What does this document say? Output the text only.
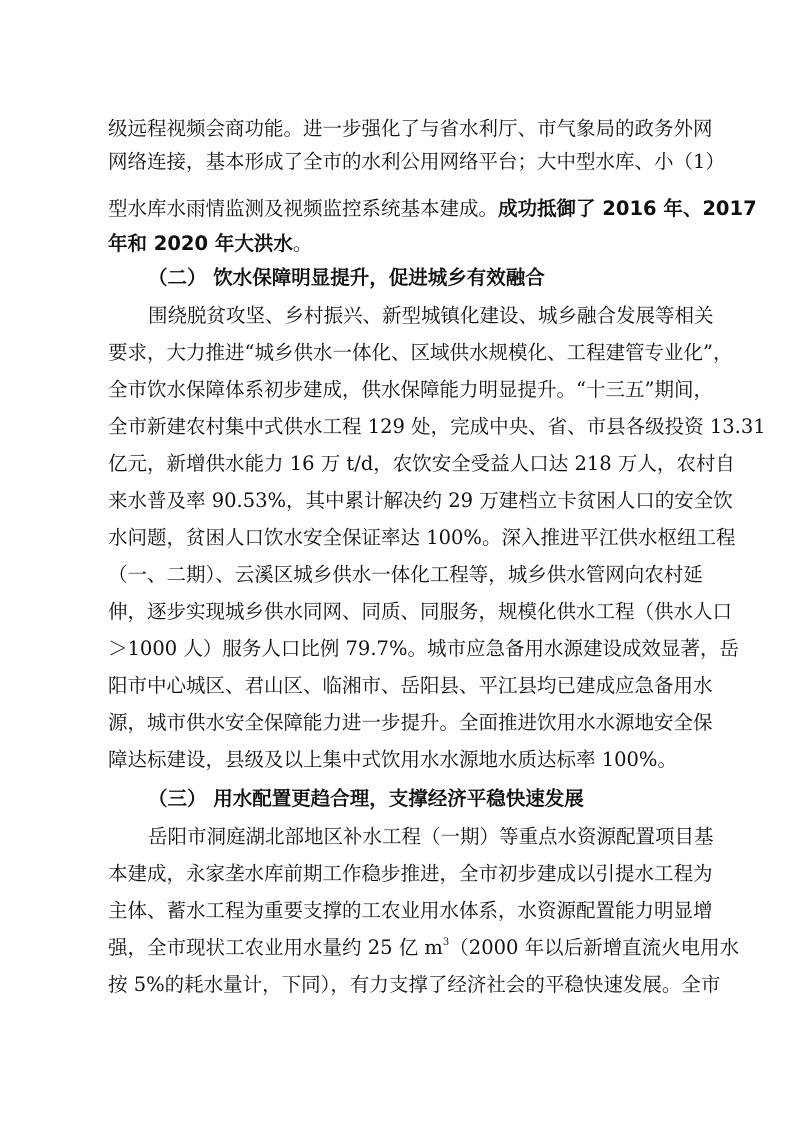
级远程视频会商功能。进一步强化了与省水利厅、市气象局的政务外网
网络连接，基本形成了全市的水利公用网络平台；大中型水库、小（1）
型水库水雨情监测及视频监控系统基本建成。成功抵御了 2016 年、2017
年和 2020 年大洪水。
（二） 饮水保障明显提升，促进城乡有效融合
围绕脱贫攻坚、乡村振兴、新型城镇化建设、城乡融合发展等相关
要求，大力推进“城乡供水一体化、区域供水规模化、工程建管专业化”，
全市饮水保障体系初步建成，供水保障能力明显提升。“十三五”期间，
全市新建农村集中式供水工程 129 处，完成中央、省、市县各级投资 13.31
亿元，新增供水能力 16 万 t/d，农饮安全受益人口达 218 万人，农村自
来水普及率 90.53%，其中累计解决约 29 万建档立卡贫困人口的安全饮
水问题，贫困人口饮水安全保证率达 100%。深入推进平江供水枢纽工程
（一、二期）、云溪区城乡供水一体化工程等，城乡供水管网向农村延
伸，逐步实现城乡供水同网、同质、同服务，规模化供水工程（供水人口
＞1000 人）服务人口比例 79.7%。城市应急备用水源建设成效显著，岳
阳市中心城区、君山区、临湘市、岳阳县、平江县均已建成应急备用水
源，城市供水安全保障能力进一步提升。全面推进饮用水水源地安全保
障达标建设，县级及以上集中式饮用水水源地水质达标率 100%。
（三） 用水配置更趋合理，支撑经济平稳快速发展
岳阳市洞庭湖北部地区补水工程（一期）等重点水资源配置项目基
本建成，永家垄水库前期工作稳步推进，全市初步建成以引提水工程为
主体、蓄水工程为重要支撑的工农业用水体系，水资源配置能力明显增
强，全市现状工农业用水量约 25 亿 $m^3(2000$ 年以后新增直流火电用水
按 5%的耗水量计，下同），有力支撑了经济社会的平稳快速发展。全市
